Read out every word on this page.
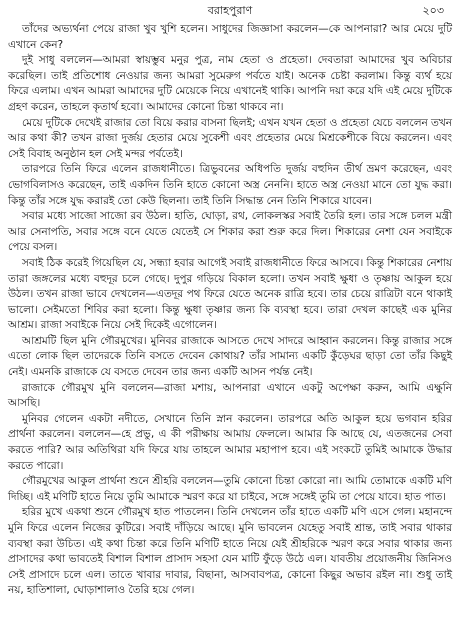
বরাহপুরাণ	২০৩

তাঁদের অভ্যর্থনা পেয়ে রাজা খুব খুশি হলেন। সাধুদের জিজ্ঞাসা করলেন—কে আপনারা? আর মেয়ে দুটি এখানে কেন?

দুই সাধু বললেন—আমরা স্বায়ম্ভুব মনুর পুত্র, নাম হেতা ও প্রহেতা। দেবতারা আমাদের খুব অবিচার করেছিল। তাই প্রতিশোধ নেওয়ার জন্য আমরা সুমেরুগ পর্বতে যাই। অনেক চেষ্টা করলাম। কিন্তু ব্যর্থ হয়ে ফিরে এলাম। এখন আমরা আমাদের দুটি মেয়েকে নিয়ে এখানেই থাকি। আপনি দয়া করে যদি এই মেয়ে দুটিকে গ্রহণ করেন, তাহলে কৃতার্থ হবো। আমাদের কোনো চিন্তা থাকবে না।

মেয়ে দুটিকে দেখেই রাজার তো বিয়ে করার বাসনা ছিলই; এখন যখন হেতা ও প্রহেতা যেচে বললেন তখন আর কথা কী? তখন রাজা দুর্জয় হেতার মেয়ে সুকেশী এবং প্রহেতার মেয়ে মিশ্রকেশীকে বিয়ে করলেন। এবং সেই বিবাহ অনুষ্ঠান হল সেই মন্দর পর্বতেই।

তারপরে তিনি ফিরে এলেন রাজধানীতে। ত্রিভুবনের অধিপতি দুর্জয় বহুদিন তীর্থ ভ্রমণ করেছেন, এবং ভোগবিলাসও করেছেন, তাই একদিন তিনি হাতে কোনো অস্ত্র নেননি। হাতে অস্ত্র নেওয়া মানে তো যুদ্ধ করা। কিন্তু তাঁর সঙ্গে যুদ্ধ করারই তো কেউ ছিলনা। তাই তিনি সিদ্ধান্ত নেন তিনি শিকারে যাবেন।

সবার মধ্যে সাজো সাজো রব উঠল। হাতি, ঘোড়া, রথ, লোকলস্কর সবাই তৈরি হল। তার সঙ্গে চলল মন্ত্রী আর সেনাপতি, সবার সঙ্গে বনে যেতে যেতেই সে শিকার করা শুরু করে দিল। শিকারের নেশা যেন সবাইকে পেয়ে বসল।

সবাই ঠিক করেই গিয়েছিল যে, সন্ধ্যা হবার আগেই সবাই রাজধানীতে ফিরে আসবে। কিন্তু শিকারের নেশায় তারা জঙ্গলের মধ্যে বহুদূর চলে গেছে। দুপুর গড়িয়ে বিকাল হলো। তখন সবাই ক্ষুধা ও তৃষ্ণায় আকুল হয়ে উঠল। তখন রাজা ভাবে দেখলেন—এতদূর পথ ফিরে যেতে অনেক রাত্রি হবে। তার চেয়ে রাত্রিটা বনে থাকাই ভালো। সেইমতো শিবির করা হলো। কিন্তু ক্ষুধা তৃষ্ণার জন্য কি ব্যবস্থা হবে। তারা দেখল কাছেই এক মুনির আশ্রম। রাজা সবাইকে নিয়ে সেই দিকেই এগোলেন।

আশ্রমটি ছিল মুনি গৌরমুখের। মুনিবর রাজাকে আসতে দেখে সাদরে আহ্বান করলেন। কিন্তু রাজার সঙ্গে এতো লোক ছিল তাদেরকে তিনি বসতে দেবেন কোথায়? তাঁর সামান্য একটি কুঁড়েঘর ছাড়া তো তাঁর কিছুই নেই। এমনকি রাজাকে যে বসতে দেবেন তার জন্য একটি আসন পর্যন্ত নেই।

রাজাকে গৌরমুখ মুনি বললেন—রাজা মশায়, আপনারা এখানে একটু অপেক্ষা করুন, আমি এক্ষুনি আসছি।

মুনিবর গেলেন একটা নদীতে, সেখানে তিনি স্নান করলেন। তারপরে অতি আকুল হয়ে ভগবান হরির প্রার্থনা করলেন। বললেন—হে প্রভু, এ কী পরীক্ষায় আমায় ফেললে। আমার কি আছে যে, এতজনের সেবা করতে পারি? আর অতিথিরা যদি ফিরে যায় তাহলে আমার মহাপাপ হবে। এই সংকটে তুমিই আমাকে উদ্ধার করতে পারো।

গৌরমুখের আকুল প্রার্থনা শুনে শ্রীহরি বললেন—তুমি কোনো চিন্তা কোরো না। আমি তোমাকে একটি মণি দিচ্ছি। এই মণিটি হাতে নিয়ে তুমি আমাকে স্মরণ করে যা চাইবে, সঙ্গে সঙ্গেই তুমি তা পেয়ে যাবে। হাত পাত।

হরির মুখে একথা শুনে গৌরমুখ হাত পাতলেন। তিনি দেখলেন তাঁর হাতে একটি মণি এসে গেল। মহানন্দে মুনি ফিরে এলেন নিজের কুটিরে। সবাই দাঁড়িয়ে আছে। মুনি ভাবলেন যেহেতু সবাই শ্রান্ত, তাই সবার থাকার ব্যবস্থা করা উচিত। এই কথা চিন্তা করে তিনি মণিটি হাতে নিয়ে যেই শ্রীহরিকে স্মরণ করে সবার থাকার জন্য প্রাসাদের কথা ভাবতেই বিশাল বিশাল প্রাসাদ সহসা যেন মাটি ফুঁড়ে উঠে এল। যাবতীয় প্রয়োজনীয় জিনিসও সেই প্রাসাদে চলে এল। তাতে খাবার দাবার, বিছানা, আসবাবপত্র, কোনো কিছুর অভাব রইল না। শুধু তাই নয়, হাতিশালা, ঘোড়াশালাও তৈরি হয়ে গেল।
